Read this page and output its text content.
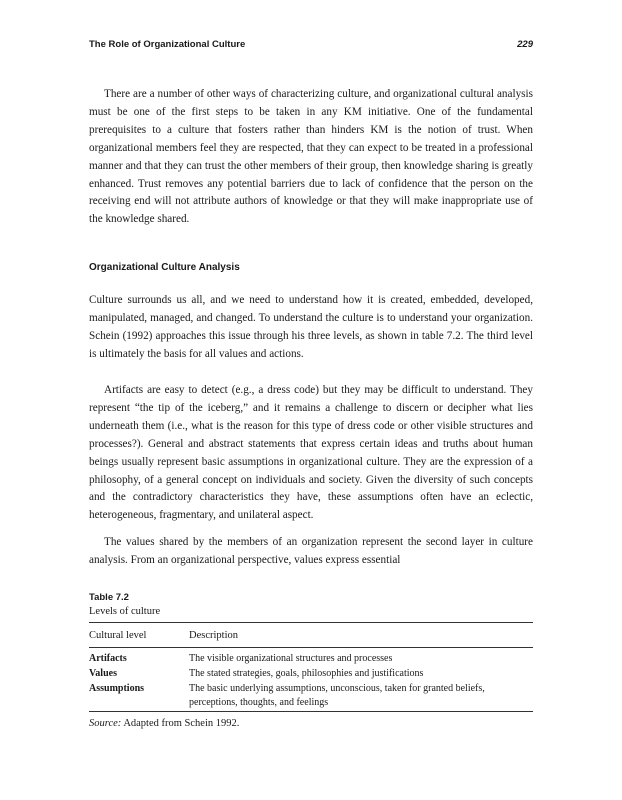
The Role of Organizational Culture	229

There are a number of other ways of characterizing culture, and organizational cultural analysis must be one of the first steps to be taken in any KM initiative. One of the fundamental prerequisites to a culture that fosters rather than hinders KM is the notion of trust. When organizational members feel they are respected, that they can expect to be treated in a professional manner and that they can trust the other members of their group, then knowledge sharing is greatly enhanced. Trust removes any potential barriers due to lack of confidence that the person on the receiving end will not attribute authors of knowledge or that they will make inappropriate use of the knowledge shared.

Organizational Culture Analysis

Culture surrounds us all, and we need to understand how it is created, embedded, developed, manipulated, managed, and changed. To understand the culture is to understand your organization. Schein (1992) approaches this issue through his three levels, as shown in table 7.2. The third level is ultimately the basis for all values and actions.

Artifacts are easy to detect (e.g., a dress code) but they may be difficult to understand. They represent “the tip of the iceberg,” and it remains a challenge to discern or decipher what lies underneath them (i.e., what is the reason for this type of dress code or other visible structures and processes?). General and abstract statements that express certain ideas and truths about human beings usually represent basic assumptions in organizational culture. They are the expression of a philosophy, of a general concept on individuals and society. Given the diversity of such concepts and the contradictory characteristics they have, these assumptions often have an eclectic, heterogeneous, fragmentary, and unilateral aspect.

The values shared by the members of an organization represent the second layer in culture analysis. From an organizational perspective, values express essential

Table 7.2
Levels of culture
Cultural level	Description
Artifacts	The visible organizational structures and processes
Values	The stated strategies, goals, philosophies and justifications
Assumptions	The basic underlying assumptions, unconscious, taken for granted beliefs, perceptions, thoughts, and feelings
Source: Adapted from Schein 1992.
